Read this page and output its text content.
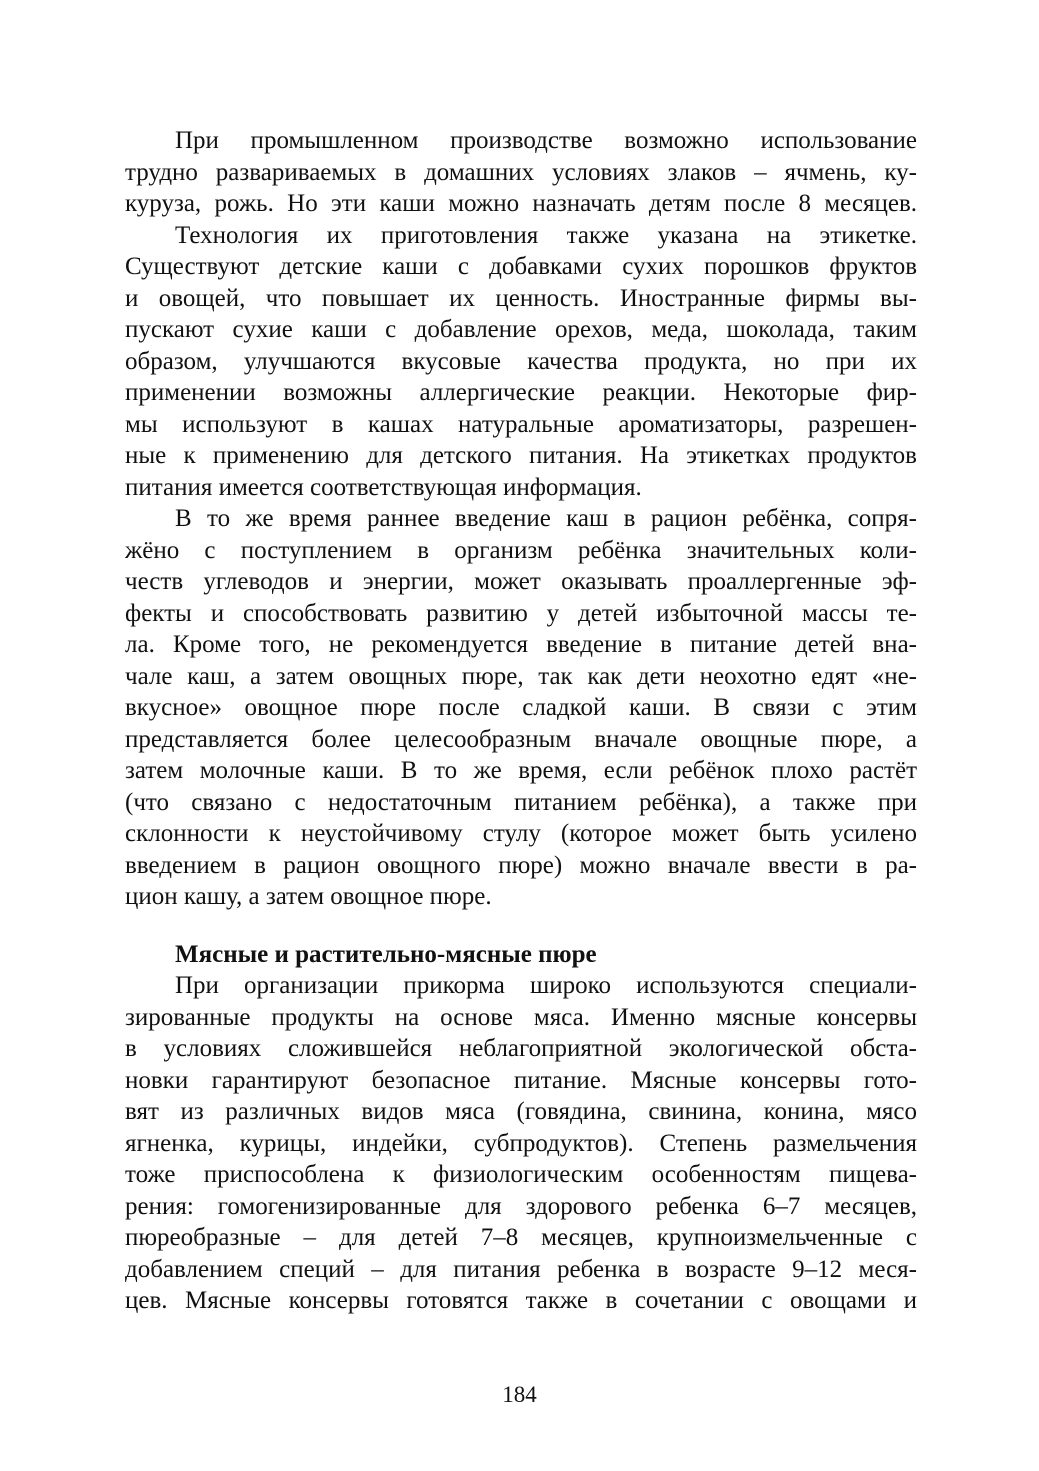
При промышленном производстве возможно использование
трудно развариваемых в домашних условиях злаков – ячмень, ку-
куруза, рожь. Но эти каши можно назначать детям после 8 месяцев.
Технология их приготовления также указана на этикетке.
Существуют детские каши с добавками сухих порошков фруктов
и овощей, что повышает их ценность. Иностранные фирмы вы-
пускают сухие каши с добавление орехов, меда, шоколада, таким
образом, улучшаются вкусовые качества продукта, но при их
применении возможны аллергические реакции. Некоторые фир-
мы используют в кашах натуральные ароматизаторы, разрешен-
ные к применению для детского питания. На этикетках продуктов
питания имеется соответствующая информация.
В то же время раннее введение каш в рацион ребёнка, сопря-
жёно с поступлением в организм ребёнка значительных коли-
честв углеводов и энергии, может оказывать проаллергенные эф-
фекты и способствовать развитию у детей избыточной массы те-
ла. Кроме того, не рекомендуется введение в питание детей вна-
чале каш, а затем овощных пюре, так как дети неохотно едят «не-
вкусное» овощное пюре после сладкой каши. В связи с этим
представляется более целесообразным вначале овощные пюре, а
затем молочные каши. В то же время, если ребёнок плохо растёт
(что связано с недостаточным питанием ребёнка), а также при
склонности к неустойчивому стулу (которое может быть усилено
введением в рацион овощного пюре) можно вначале ввести в ра-
цион кашу, а затем овощное пюре.
Мясные и растительно-мясные пюре
При организации прикорма широко используются специали-
зированные продукты на основе мяса. Именно мясные консервы
в условиях сложившейся неблагоприятной экологической обста-
новки гарантируют безопасное питание. Мясные консервы гото-
вят из различных видов мяса (говядина, свинина, конина, мясо
ягненка, курицы, индейки, субпродуктов). Степень размельчения
тоже приспособлена к физиологическим особенностям пищева-
рения: гомогенизированные для здорового ребенка 6–7 месяцев,
пюреобразные – для детей 7–8 месяцев, крупноизмельченные с
добавлением специй – для питания ребенка в возрасте 9–12 меся-
цев. Мясные консервы готовятся также в сочетании с овощами и
184
